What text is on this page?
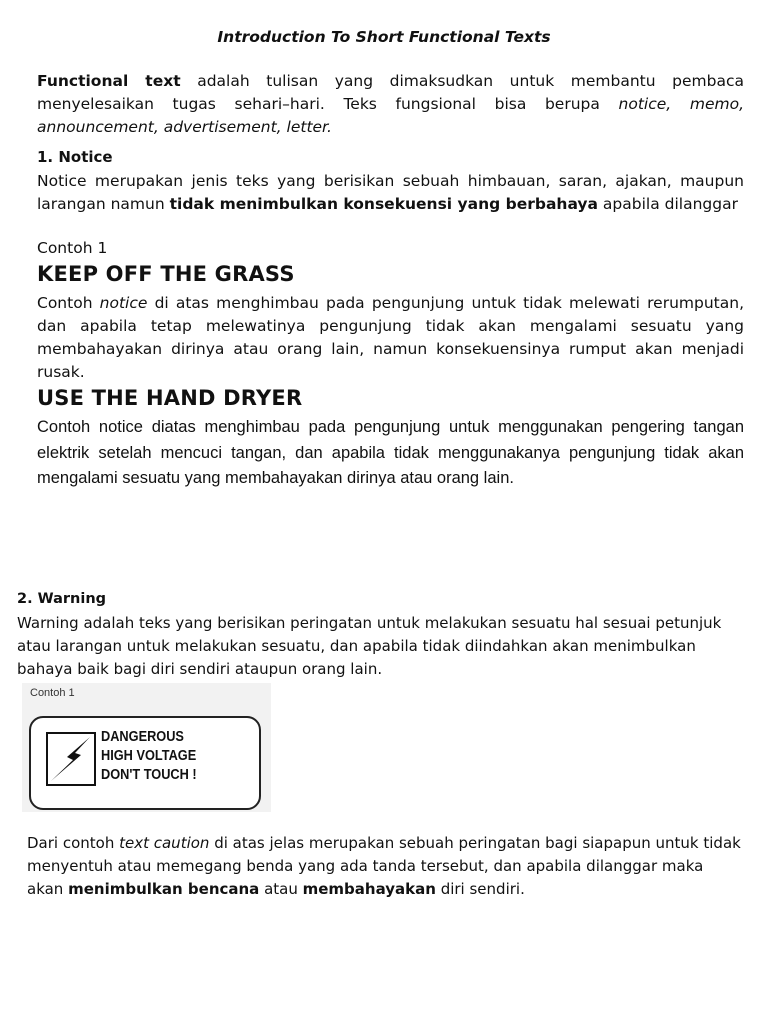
Introduction To Short Functional Texts
Functional text adalah tulisan yang dimaksudkan untuk membantu pembaca menyelesaikan tugas sehari–hari. Teks fungsional bisa berupa notice, memo, announcement, advertisement, letter.
1. Notice
Notice merupakan jenis teks yang berisikan sebuah himbauan, saran, ajakan, maupun larangan namun tidak menimbulkan konsekuensi yang berbahaya apabila dilanggar
Contoh 1
KEEP OFF THE GRASS
Contoh notice di atas menghimbau pada pengunjung untuk tidak melewati rerumputan, dan apabila tetap melewatinya pengunjung tidak akan mengalami sesuatu yang membahayakan dirinya atau orang lain, namun konsekuensinya rumput akan menjadi rusak.
USE THE HAND DRYER
Contoh notice diatas menghimbau pada pengunjung untuk menggunakan pengering tangan elektrik setelah mencuci tangan, dan apabila tidak menggunakanya pengunjung tidak akan mengalami sesuatu yang membahayakan dirinya atau orang lain.
2. Warning
Warning adalah teks yang berisikan peringatan untuk melakukan sesuatu hal sesuai petunjuk atau larangan untuk melakukan sesuatu, dan apabila tidak diindahkan akan menimbulkan bahaya baik bagi diri sendiri ataupun orang lain.
Contoh 1
DANGEROUS
HIGH VOLTAGE
DON'T TOUCH !
Dari contoh text caution di atas jelas merupakan sebuah peringatan bagi siapapun untuk tidak menyentuh atau memegang benda yang ada tanda tersebut, dan apabila dilanggar maka akan menimbulkan bencana atau membahayakan diri sendiri.
